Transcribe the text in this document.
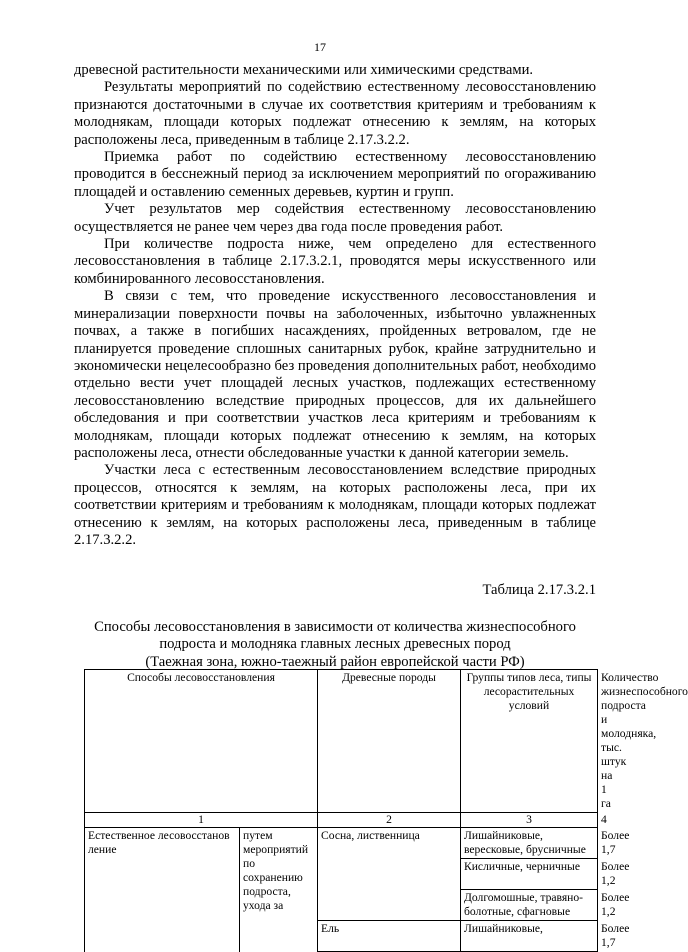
17

древесной растительности механическими или химическими средствами.

Результаты мероприятий по содействию естественному лесовосстановлению признаются достаточными в случае их соответствия критериям и требованиям к молоднякам, площади которых подлежат отнесению к землям, на которых расположены леса, приведенным в таблице 2.17.3.2.2.

Приемка работ по содействию естественному лесовосстановлению проводится в бесснежный период за исключением мероприятий по огораживанию площадей и оставлению семенных деревьев, куртин и групп.

Учет результатов мер содействия естественному лесовосстановлению осуществляется не ранее чем через два года после проведения работ.

При количестве подроста ниже, чем определено для естественного лесовосстановления в таблице 2.17.3.2.1, проводятся меры искусственного или комбинированного лесовосстановления.

В связи с тем, что проведение искусственного лесовосстановления и минерализации поверхности почвы на заболоченных, избыточно увлажненных почвах, а также в погибших насаждениях, пройденных ветровалом, где не планируется проведение сплошных санитарных рубок, крайне затруднительно и экономически нецелесообразно без проведения дополнительных работ, необходимо отдельно вести учет площадей лесных участков, подлежащих естественному лесовосстановлению вследствие природных процессов, для их дальнейшего обследования и при соответствии участков леса критериям и требованиям к молоднякам, площади которых подлежат отнесению к землям, на которых расположены леса, отнести обследованные участки к данной категории земель.

Участки леса с естественным лесовосстановлением вследствие природных процессов, относятся к землям, на которых расположены леса, при их соответствии критериям и требованиям к молоднякам, площади которых подлежат отнесению к землям, на которых расположены леса, приведенным в таблице 2.17.3.2.2.

Таблица 2.17.3.2.1
Способы лесовосстановления в зависимости от количества жизнеспособного
подроста и молодняка главных лесных древесных пород
(Таежная зона, южно-таежный район европейской части РФ)
Способы лесовосстановления		Древесные породы	Группы типов леса, типы лесорастительных условий	Количество жизнеспособного подроста и молодняка, тыс. штук на 1 га
1		2	3	4
Естественное лесовосстанов ление	путем мероприятий по сохранению подроста, ухода за	Сосна, лиственница	Лишайниковые, вересковые, брусничные	Более 1,7
			Кисличные, черничные	Более 1,2
			Долгомошные, травяно-болотные, сфагновые	Более 1,2
		Ель	Лишайниковые,	Более 1,7
